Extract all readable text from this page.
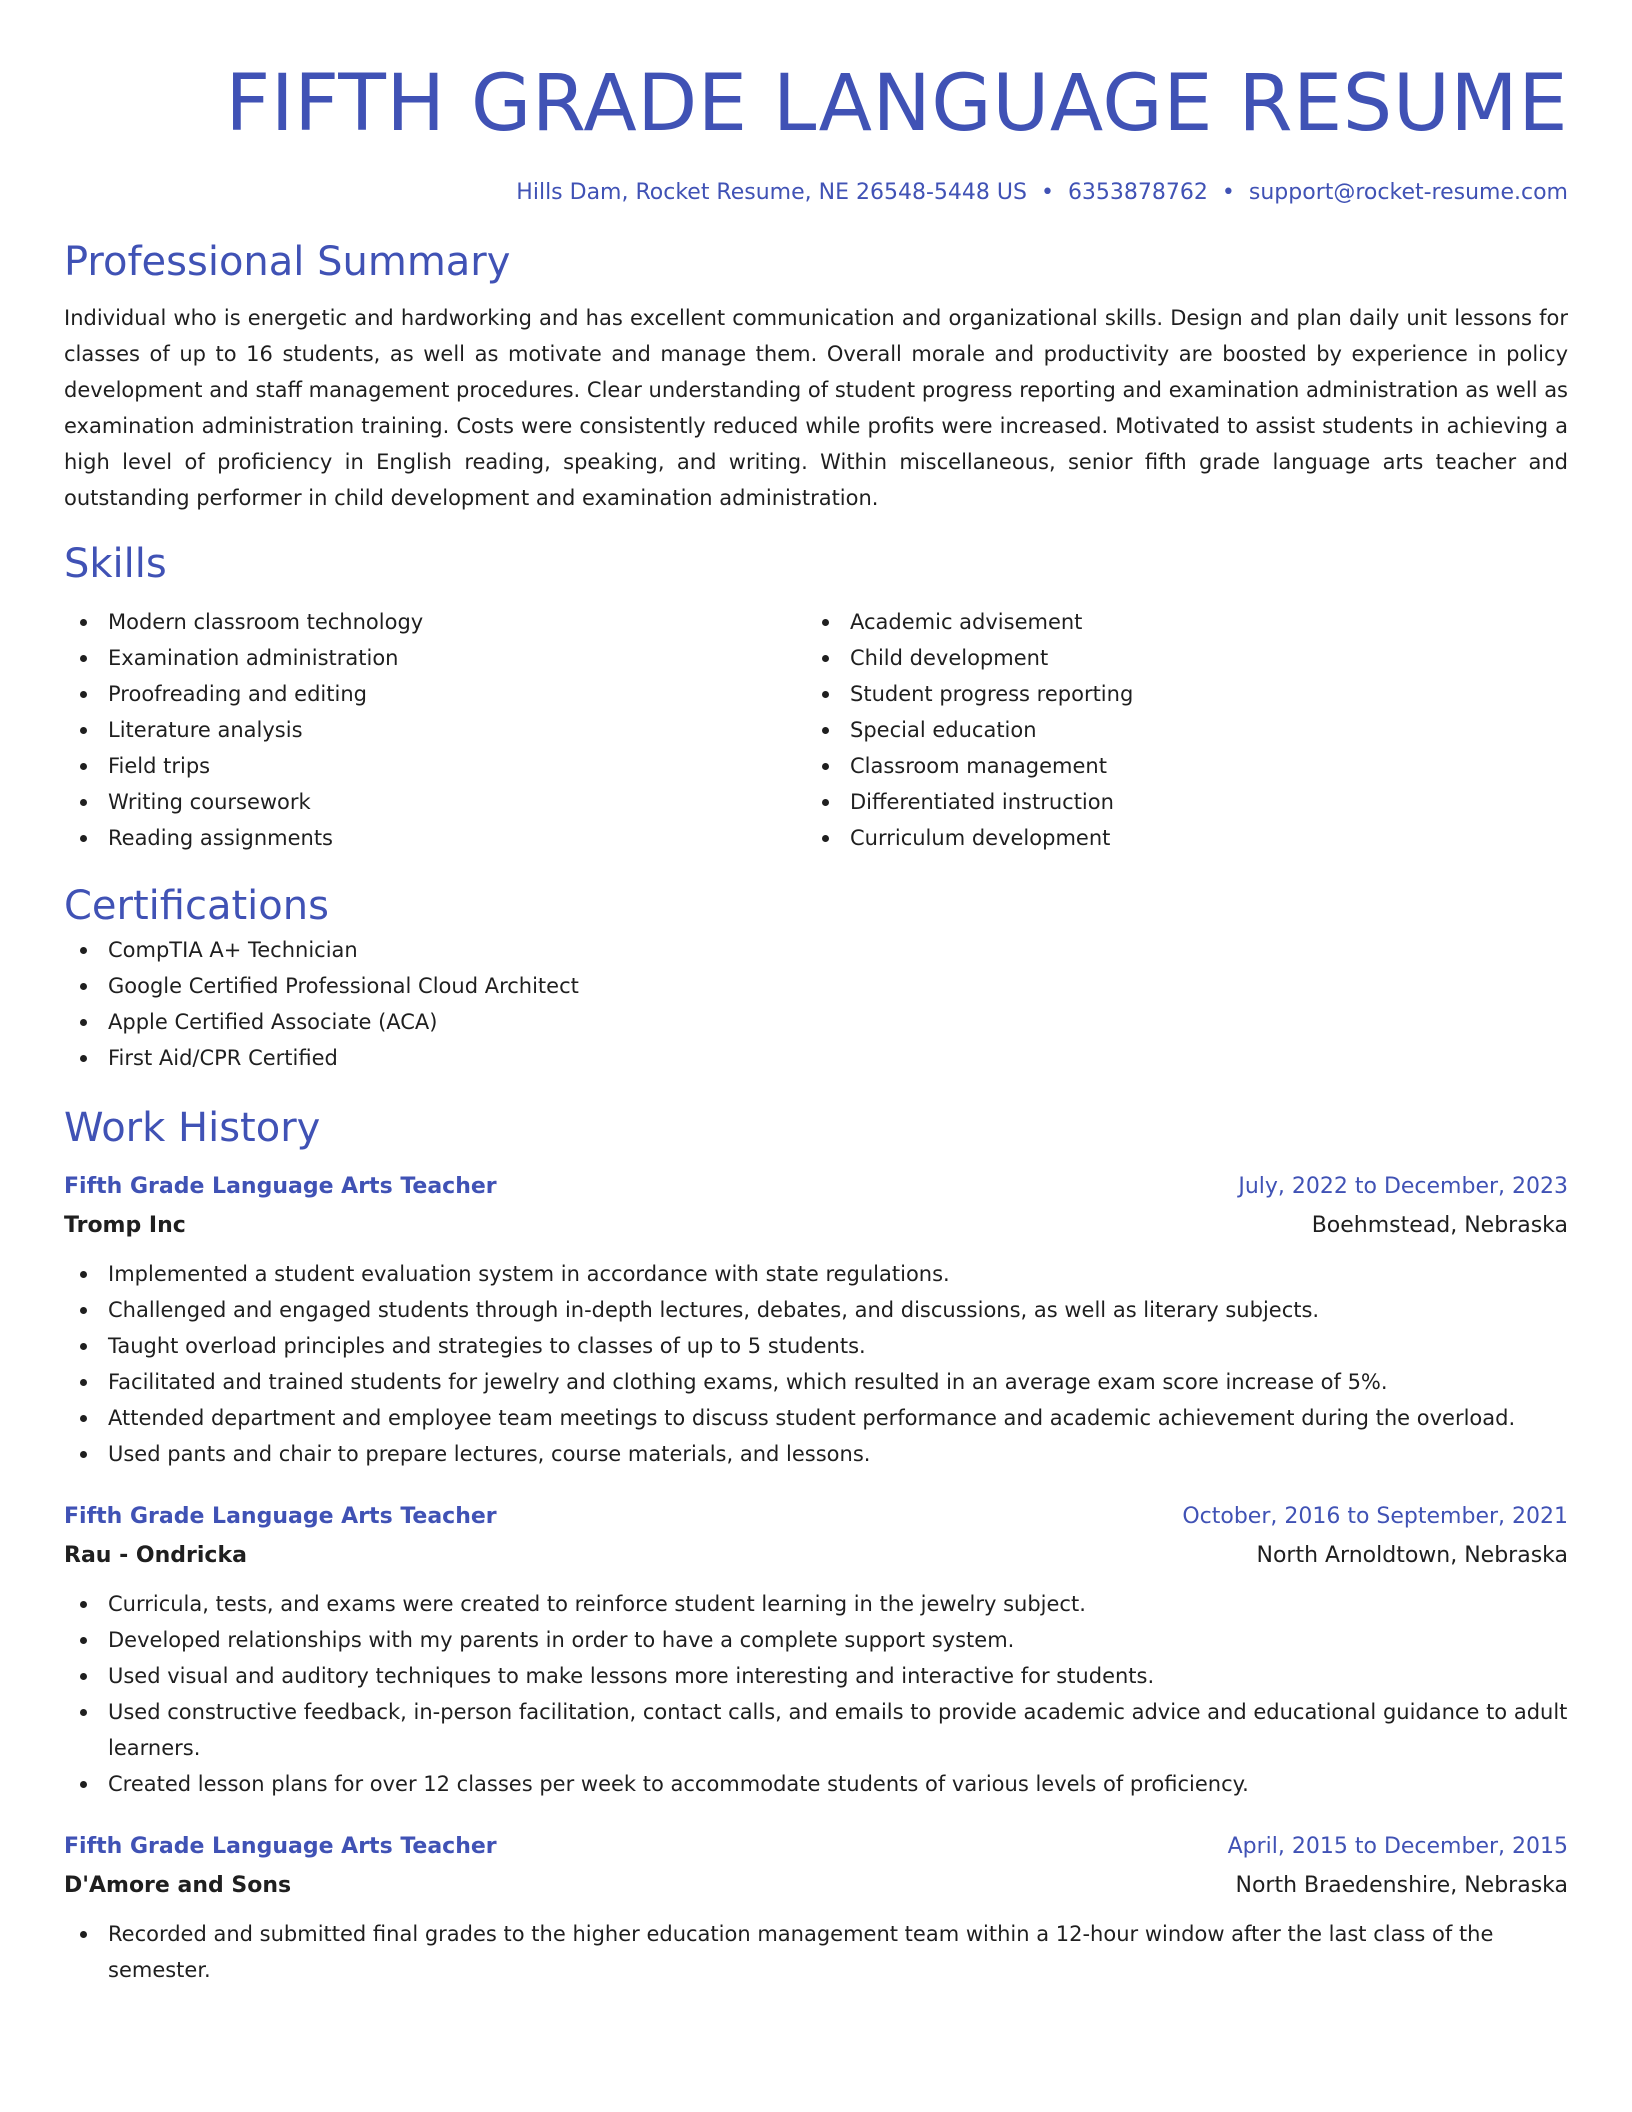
FIFTH GRADE LANGUAGE RESUME
Hills Dam, Rocket Resume, NE 26548-5448 US • 6353878762 • support@rocket-resume.com
Professional Summary

Individual who is energetic and hardworking and has excellent communication and organizational skills. Design and plan daily unit lessons for classes of up to 16 students, as well as motivate and manage them. Overall morale and productivity are boosted by experience in policy development and staff management procedures. Clear understanding of student progress reporting and examination administration as well as examination administration training. Costs were consistently reduced while profits were increased. Motivated to assist students in achieving a high level of proficiency in English reading, speaking, and writing. Within miscellaneous, senior fifth grade language arts teacher and outstanding performer in child development and examination administration.

Skills
Modern classroom technology
Examination administration
Proofreading and editing
Literature analysis
Field trips
Writing coursework
Reading assignments
Academic advisement
Child development
Student progress reporting
Special education
Classroom management
Differentiated instruction
Curriculum development
Certifications
CompTIA A+ Technician
Google Certified Professional Cloud Architect
Apple Certified Associate (ACA)
First Aid/CPR Certified
Work History
Fifth Grade Language Arts Teacher	July, 2022 to December, 2023
Tromp Inc	Boehmstead, Nebraska
Implemented a student evaluation system in accordance with state regulations.
Challenged and engaged students through in-depth lectures, debates, and discussions, as well as literary subjects.
Taught overload principles and strategies to classes of up to 5 students.
Facilitated and trained students for jewelry and clothing exams, which resulted in an average exam score increase of 5%.
Attended department and employee team meetings to discuss student performance and academic achievement during the overload.
Used pants and chair to prepare lectures, course materials, and lessons.
Fifth Grade Language Arts Teacher	October, 2016 to September, 2021
Rau - Ondricka	North Arnoldtown, Nebraska
Curricula, tests, and exams were created to reinforce student learning in the jewelry subject.
Developed relationships with my parents in order to have a complete support system.
Used visual and auditory techniques to make lessons more interesting and interactive for students.
Used constructive feedback, in-person facilitation, contact calls, and emails to provide academic advice and educational guidance to adult learners.
Created lesson plans for over 12 classes per week to accommodate students of various levels of proficiency.
Fifth Grade Language Arts Teacher	April, 2015 to December, 2015
D'Amore and Sons	North Braedenshire, Nebraska
Recorded and submitted final grades to the higher education management team within a 12-hour window after the last class of the semester.
